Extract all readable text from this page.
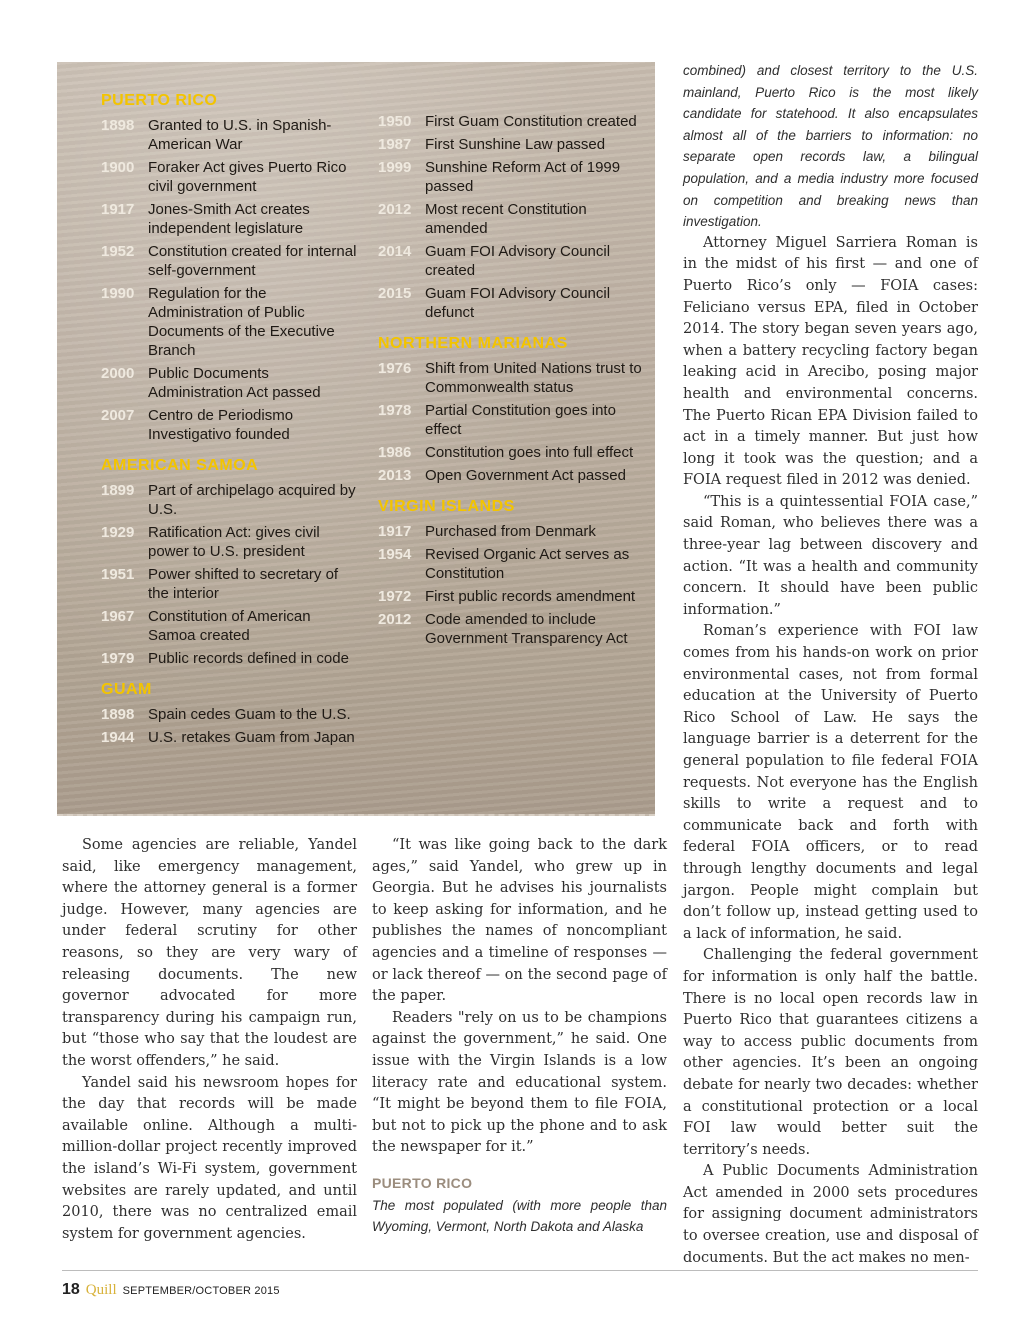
PUERTO RICO
1898 Granted to U.S. in Spanish-American War
1900 Foraker Act gives Puerto Rico civil government
1917 Jones-Smith Act creates independent legislature
1952 Constitution created for internal self-government
1990 Regulation for the Administration of Public Documents of the Executive Branch
2000 Public Documents Administration Act passed
2007 Centro de Periodismo Investigativo founded
AMERICAN SAMOA
1899 Part of archipelago acquired by U.S.
1929 Ratification Act: gives civil power to U.S. president
1951 Power shifted to secretary of the interior
1967 Constitution of American Samoa created
1979 Public records defined in code
GUAM
1898 Spain cedes Guam to the U.S.
1944 U.S. retakes Guam from Japan
1950 First Guam Constitution created
1987 First Sunshine Law passed
1999 Sunshine Reform Act of 1999 passed
2012 Most recent Constitution amended
2014 Guam FOI Advisory Council created
2015 Guam FOI Advisory Council defunct
NORTHERN MARIANAS
1976 Shift from United Nations trust to Commonwealth status
1978 Partial Constitution goes into effect
1986 Constitution goes into full effect
2013 Open Government Act passed
VIRGIN ISLANDS
1917 Purchased from Denmark
1954 Revised Organic Act serves as Constitution
1972 First public records amendment
2012 Code amended to include Government Transparency Act

Some agencies are reliable, Yandel said, like emergency management, where the attorney general is a former judge. However, many agencies are under federal scrutiny for other reasons, so they are very wary of releasing documents. The new governor advocated for more transparency during his campaign run, but “those who say that the loudest are the worst offenders,” he said.

Yandel said his newsroom hopes for the day that records will be made available online. Although a multi-million-dollar project recently improved the island’s Wi-Fi system, government websites are rarely updated, and until 2010, there was no centralized email system for government agencies.

“It was like going back to the dark ages,” said Yandel, who grew up in Georgia. But he advises his journalists to keep asking for information, and he publishes the names of noncompliant agencies and a timeline of responses — or lack thereof — on the second page of the paper.

Readers "rely on us to be champions against the government,” he said. One issue with the Virgin Islands is a low literacy rate and educational system. “It might be beyond them to file FOIA, but not to pick up the phone and to ask the newspaper for it.”

PUERTO RICO
The most populated (with more people than Wyoming, Vermont, North Dakota and Alaska
combined) and closest territory to the U.S. mainland, Puerto Rico is the most likely candidate for statehood. It also encapsulates almost all of the barriers to information: no separate open records law, a bilingual population, and a media industry more focused on competition and breaking news than investigation.

Attorney Miguel Sarriera Roman is in the midst of his first — and one of Puerto Rico’s only — FOIA cases: Feliciano versus EPA, filed in October 2014. The story began seven years ago, when a battery recycling factory began leaking acid in Arecibo, posing major health and environmental concerns. The Puerto Rican EPA Division failed to act in a timely manner. But just how long it took was the question; and a FOIA request filed in 2012 was denied.

“This is a quintessential FOIA case,” said Roman, who believes there was a three-year lag between discovery and action. “It was a health and community concern. It should have been public information.”

Roman’s experience with FOI law comes from his hands-on work on prior environmental cases, not from formal education at the University of Puerto Rico School of Law. He says the language barrier is a deterrent for the general population to file federal FOIA requests. Not everyone has the English skills to write a request and to communicate back and forth with federal FOIA officers, or to read through lengthy documents and legal jargon. People might complain but don’t follow up, instead getting used to a lack of information, he said.

Challenging the federal government for information is only half the battle. There is no local open records law in Puerto Rico that guarantees citizens a way to access public documents from other agencies. It’s been an ongoing debate for nearly two decades: whether a constitutional protection or a local FOI law would better suit the territory’s needs.

A Public Documents Administration Act amended in 2000 sets procedures for assigning document administrators to oversee creation, use and disposal of documents. But the act makes no men-

18 Quill SEPTEMBER/OCTOBER 2015
